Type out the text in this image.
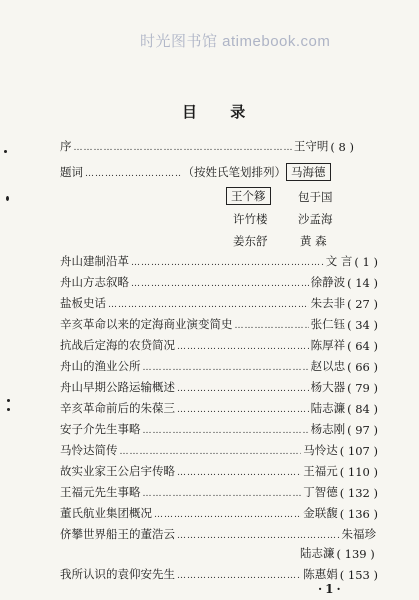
时光图书馆 atimebook.com
目 录
序 ……………………………………………………………………………………………………………………………………………………………………	王守明 ( 8 )
题词 ……………………………………………………………………………………………………………………………………………………………………	（按姓氏笔划排列） 马海德
王个簃	包于国
许竹楼	沙孟海
姜东舒	黄 森
舟山建制沿革 ……………………………………………………………………………………………………………………………………………………………………	文 言 ( 1 )
舟山方志叙略 ……………………………………………………………………………………………………………………………………………………………………	徐静波 ( 14 )
盐板史话 ……………………………………………………………………………………………………………………………………………………………………	朱去非 ( 27 )
辛亥革命以来的定海商业演变简史 ……………………………………………………………………………………………………………………………………………………………………	张仁钰 ( 34 )
抗战后定海的农贷简况 ……………………………………………………………………………………………………………………………………………………………………	陈厚祥 ( 64 )
舟山的渔业公所 ……………………………………………………………………………………………………………………………………………………………………	赵以忠 ( 66 )
舟山早期公路运输概述 ……………………………………………………………………………………………………………………………………………………………………	杨大器 ( 79 )
辛亥革命前后的朱葆三 ……………………………………………………………………………………………………………………………………………………………………	陆志濂 ( 84 )
安子介先生事略 ……………………………………………………………………………………………………………………………………………………………………	杨志刚 ( 97 )
马怜达简传 ……………………………………………………………………………………………………………………………………………………………………	马怜达 ( 107 )
故实业家王公启宇传略 ……………………………………………………………………………………………………………………………………………………………………	王福元 ( 110 )
王福元先生事略 ……………………………………………………………………………………………………………………………………………………………………	丁智德 ( 132 )
董氏航业集团概况 ……………………………………………………………………………………………………………………………………………………………………	金联馥 ( 136 )
侪攀世界船王的董浩云 ……………………………………………………………………………………………………………………………………………………………………	朱福珍
陆志濂 ( 139 )
我所认识的袁仰安先生 ……………………………………………………………………………………………………………………………………………………………………	陈惠娟 ( 153 )
·1·
